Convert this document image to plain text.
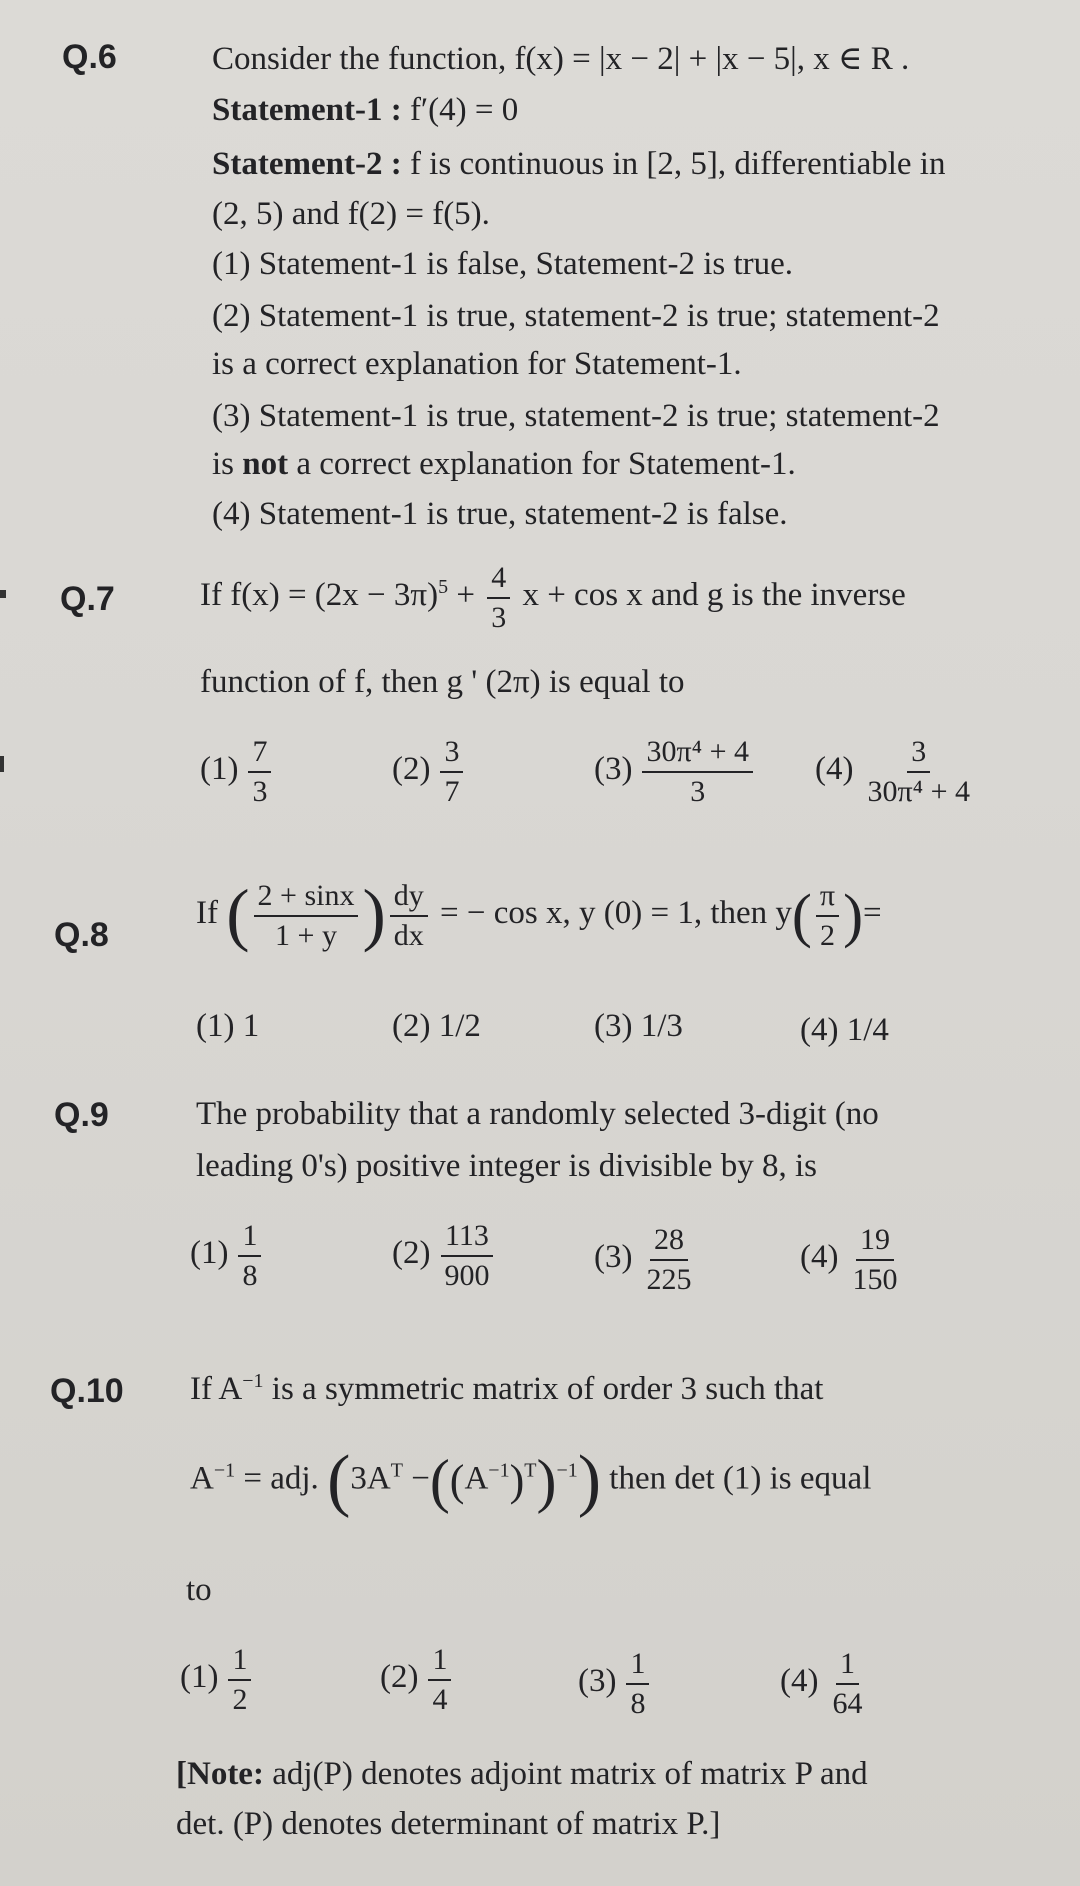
Q.6	Consider the function, f(x) = |x − 2| + |x − 5|, x ∈ R .
Statement-1 : f′(4) = 0
Statement-2 : f is continuous in [2, 5], differentiable in
(2, 5) and f(2) = f(5).
(1) Statement-1 is false, Statement-2 is true.
(2) Statement-1 is true, statement-2 is true; statement-2
is a correct explanation for Statement-1.
(3) Statement-1 is true, statement-2 is true; statement-2
is not a correct explanation for Statement-1.
(4) Statement-1 is true, statement-2 is false.
Q.7	If $f(x) = (2x - 3\pi)^5 + \frac{4}{3}$ x + cos x and g is the inverse
function of f, then g ' (2π) is equal to
$(1) \frac{7}{3}$	$(2) \frac{3}{7}$	$(3) \frac{\text{30π⁴ + 4}}{3} (4) \frac{3}{\text{30π⁴ + 4}}$
Q.8
If ( $\frac{2 + \sin x}{1 + y}$ ) $\frac{dy}{dx}$ = − cos x, y (0) = 1, then $y( \frac{\pi}{2}$ )=
(1) 1	(2) 1/2	(3) 1/3	(4) 1/4
Q.9	The probability that a randomly selected 3-digit (no
leading 0's) positive integer is divisible by 8, is
$(1) \frac{1}{8}$	$(2) \frac{113}{900}$	$(3) \frac{28}{225}$	$(4) \frac{19}{150}$
Q.10 If $A^{-1}$ is a symmetric matrix of order 3 such that
$A^{-1}$ = adj. $(3A^T -((A^{-1})^T)^{-1})$ then det (1) is equal
to
$(1) \frac{1}{2}$	$(2) \frac{1}{4}$	$(3) \frac{1}{8}$	$(4) \frac{1}{64}$
[Note: adj(P) denotes adjoint matrix of matrix P and
det. (P) denotes determinant of matrix P.]
